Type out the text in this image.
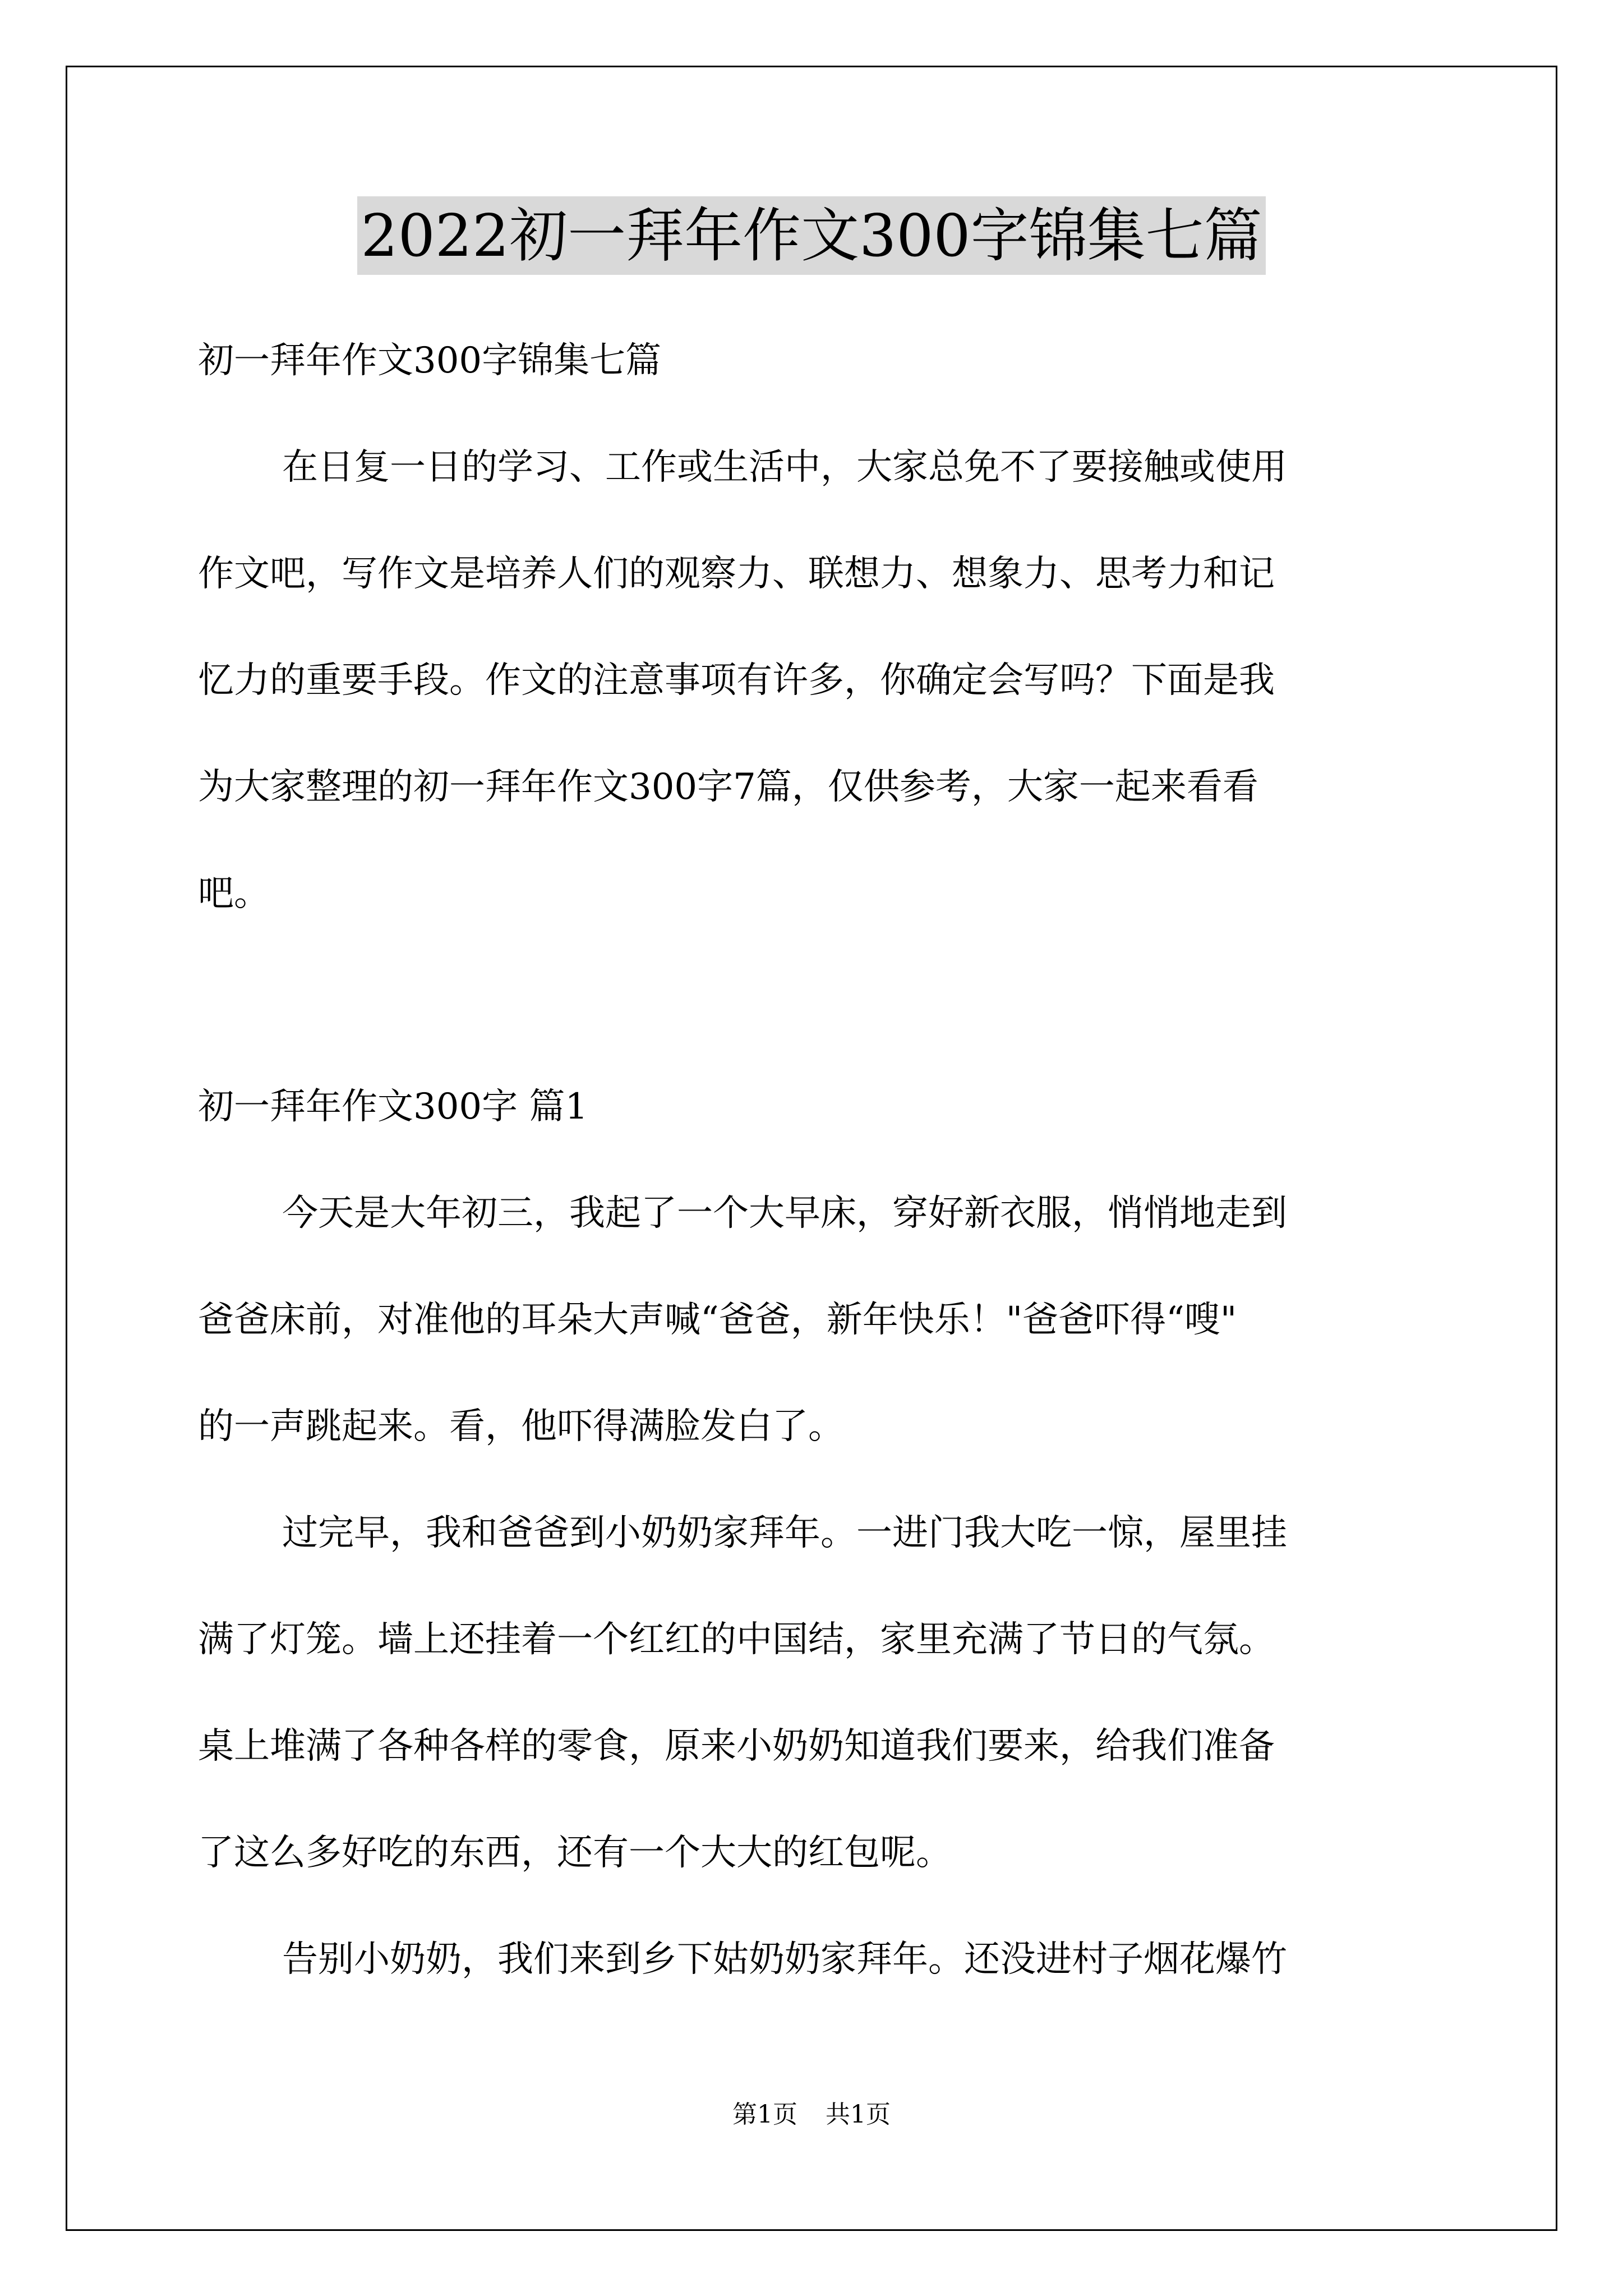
2022初一拜年作文300字锦集七篇

初一拜年作文300字锦集七篇

在日复一日的学习、工作或生活中，大家总免不了要接触或使用

作文吧，写作文是培养人们的观察力、联想力、想象力、思考力和记

忆力的重要手段。作文的注意事项有许多，你确定会写吗？下面是我

为大家整理的初一拜年作文300字7篇，仅供参考，大家一起来看看

吧。

初一拜年作文300字 篇1

今天是大年初三，我起了一个大早床，穿好新衣服，悄悄地走到

爸爸床前，对准他的耳朵大声喊“爸爸，新年快乐！"爸爸吓得“嗖"

的一声跳起来。看，他吓得满脸发白了。

过完早，我和爸爸到小奶奶家拜年。一进门我大吃一惊，屋里挂

满了灯笼。墙上还挂着一个红红的中国结，家里充满了节日的气氛。

桌上堆满了各种各样的零食，原来小奶奶知道我们要来，给我们准备

了这么多好吃的东西，还有一个大大的红包呢。

告别小奶奶，我们来到乡下姑奶奶家拜年。还没进村子烟花爆竹

第1页 共1页
